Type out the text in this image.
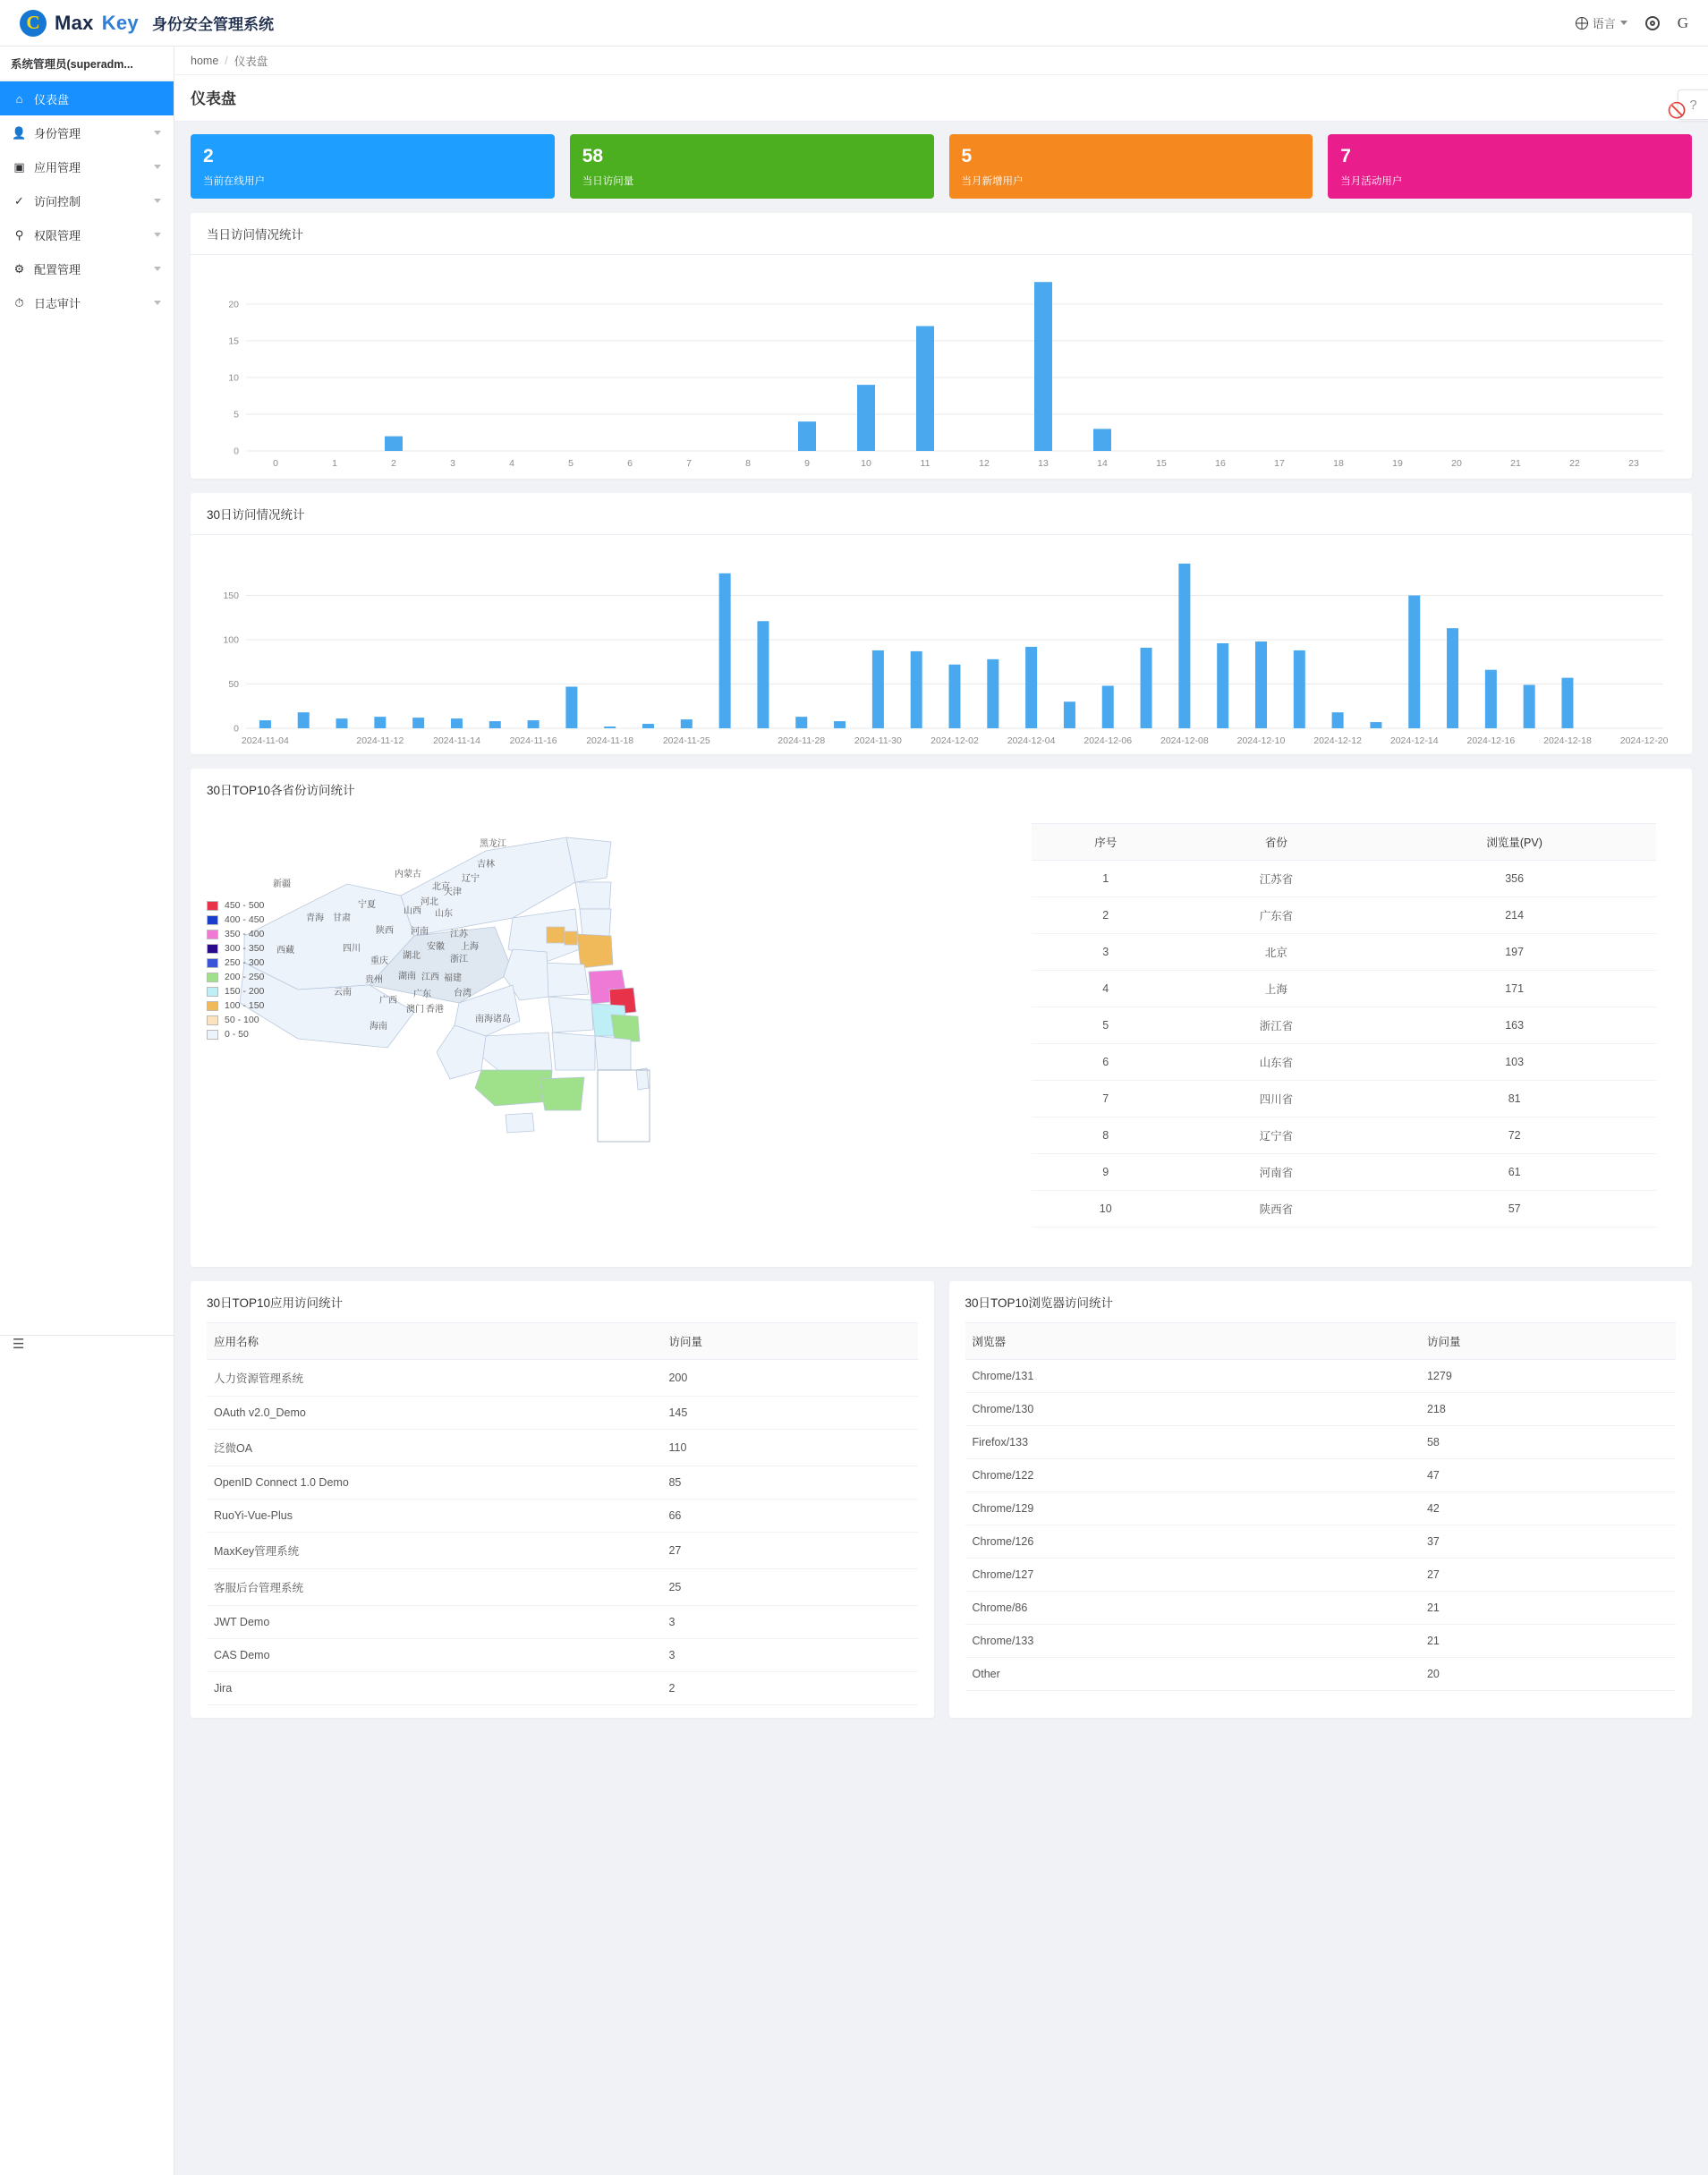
C Max Key 身份安全管理系统	语言	G
系统管理员(superadm...
⌂ 仪表盘
👤 身份管理
▣ 应用管理
✓ 访问控制
⚲ 权限管理
⚙ 配置管理
⏱ 日志审计
☰
home / 仪表盘
仪表盘	?
2
当前在线用户
58
当日访问量
5
当月新增用户
7
当月活动用户
当日访问情况统计
0
5
10
15
20
0	1	2	3	4	5	6	7	8	9	10	11	12	13	14	15	16	17	18	19	20	21	22	23
30日访问情况统计
🚫
0
50
100
150
2024-11-04	2024-11-12	2024-11-14	2024-11-16	2024-11-18	2024-11-25	2024-11-28	2024-11-30	2024-12-02	2024-12-04	2024-12-06	2024-12-08	2024-12-10	2024-12-12	2024-12-14	2024-12-16	2024-12-18	2024-12-20
30日TOP10各省份访问统计
450 - 500
400 - 450
350 - 400
300 - 350
250 - 300
200 - 250
150 - 200
100 - 150
50 - 100
0 - 50
黑龙江
吉林
辽宁
内蒙古
新疆	北京
天津
河北
山西
宁夏
甘肃
青海
陕西 河南
山东
江苏
安徽 上海
西藏	四川
湖北
重庆	浙江
湖南 江西 福建
贵州
云南
广西
广东
香港
澳门
台湾
海南
南海诸岛
序号	省份	浏览量(PV)
1	江苏省	356
2	广东省	214
3	北京	197
4	上海	171
5	浙江省	163
6	山东省	103
7	四川省	81
8	辽宁省	72
9	河南省	61
10	陕西省	57
30日TOP10应用访问统计
应用名称	访问量
人力资源管理系统	200
OAuth v2.0_Demo	145
泛微OA	110
OpenID Connect 1.0 Demo	85
RuoYi-Vue-Plus	66
MaxKey管理系统	27
客服后台管理系统	25
JWT Demo	3
CAS Demo	3
Jira	2
30日TOP10浏览器访问统计
浏览器	访问量
Chrome/131	1279
Chrome/130	218
Firefox/133	58
Chrome/122	47
Chrome/129	42
Chrome/126	37
Chrome/127	27
Chrome/86	21
Chrome/133	21
Other	20
